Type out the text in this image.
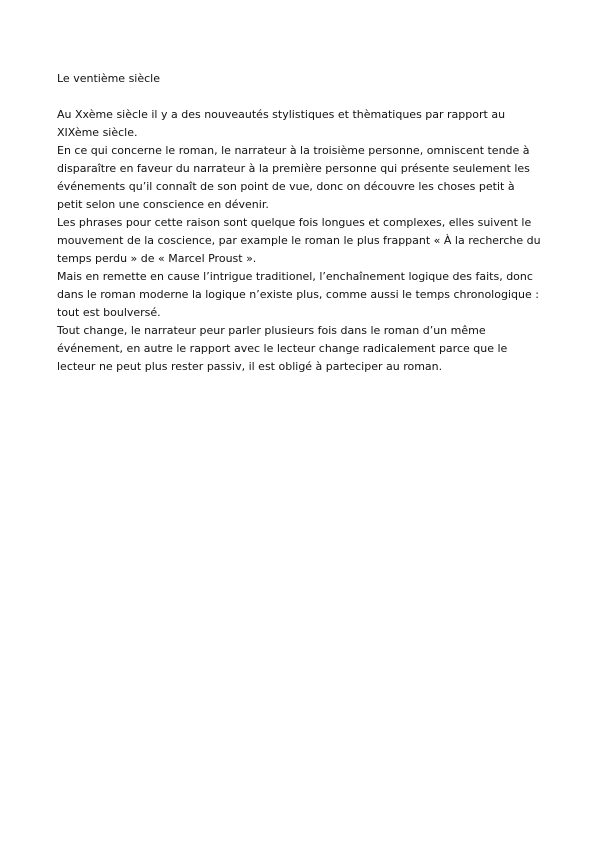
Le ventième siècle

Au Xxème siècle il y a des nouveautés stylistiques et thèmatiques par rapport au XIXème siècle.

En ce qui concerne le roman, le narrateur à la troisième personne, omniscent tende à disparaître en faveur du narrateur à la première personne qui présente seulement les événements qu’il connaît de son point de vue, donc on découvre les choses petit à petit selon une conscience en dévenir.

Les phrases pour cette raison sont quelque fois longues et complexes, elles suivent le mouvement de la coscience, par example le roman le plus frappant « À la recherche du temps perdu » de « Marcel Proust ».

Mais en remette en cause l’intrigue traditionel, l’enchaînement logique des faits, donc dans le roman moderne la logique n’existe plus, comme aussi le temps chronologique : tout est boulversé.

Tout change, le narrateur peur parler plusieurs fois dans le roman d’un même événement, en autre le rapport avec le lecteur change radicalement parce que le lecteur ne peut plus rester passiv, il est obligé à parteciper au roman.
